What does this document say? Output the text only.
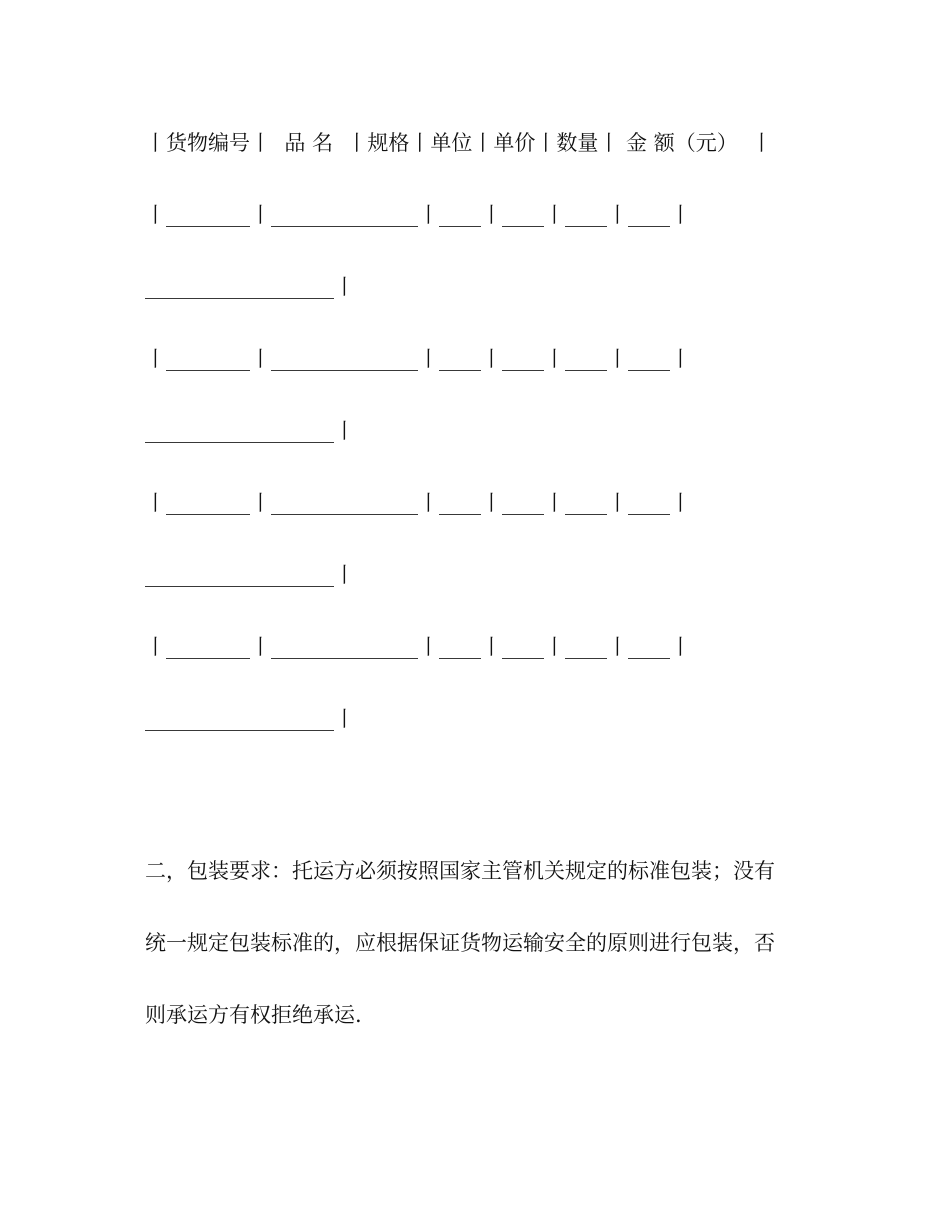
丨货物编号丨  品 名  丨规格丨单位丨单价丨数量丨 金 额（元）  丨
丨________丨______________丨____丨____丨____丨____丨
__________________丨
丨________丨______________丨____丨____丨____丨____丨
__________________丨
丨________丨______________丨____丨____丨____丨____丨
__________________丨
丨________丨______________丨____丨____丨____丨____丨
__________________丨
二，包装要求：托运方必须按照国家主管机关规定的标准包装；没有
统一规定包装标准的，应根据保证货物运输安全的原则进行包装，否
则承运方有权拒绝承运.
